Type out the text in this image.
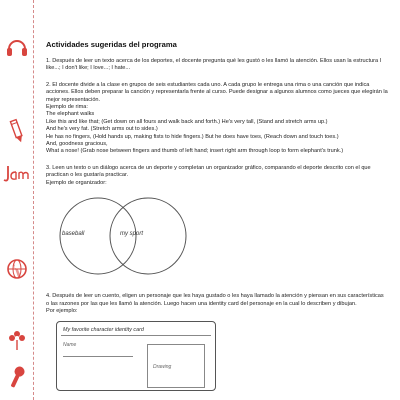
Actividades sugeridas del programa

1. Después de leer un texto acerca de los deportes, el docente pregunta qué les gustó o les llamó la atención. Ellos usan la estructura I like...; I don't like; I love...; I hate...

2. El docente divide a la clase en grupos de seis estudiantes cada uno. A cada grupo le entrega una rima o una canción que indica acciones. Ellos deben preparar la canción y representarla frente al curso. Puede designar a algunos alumnos como jueces que elegirán la mejor representación.

Ejemplo de rima:

The elephant walks

Like this and like that; (Get down on all fours and walk back and forth.) He's very tall, (Stand and stretch arms up.)

And he's very fat. (Stretch arms out to sides.)

He has no fingers, (Hold hands up, making fists to hide fingers.) But he does have toes, (Reach down and touch toes.)

And, goodness gracious,

What a nose! (Grab nose between fingers and thumb of left hand; insert right arm through loop to form elephant's trunk.)

3. Leen un texto o un diálogo acerca de un deporte y completan un organizador gráfico, comparando el deporte descrito con el que practican o les gustaría practicar.

Ejemplo de organizador:

baseball	my sport

4. Después de leer un cuento, eligen un personaje que les haya gustado o les haya llamado la atención y piensan en sus características o las razones por las que les llamó la atención. Luego hacen una identity card del personaje en la cual lo describen y dibujan.

Por ejemplo:

My favorite character identity card
Name
Drawing
